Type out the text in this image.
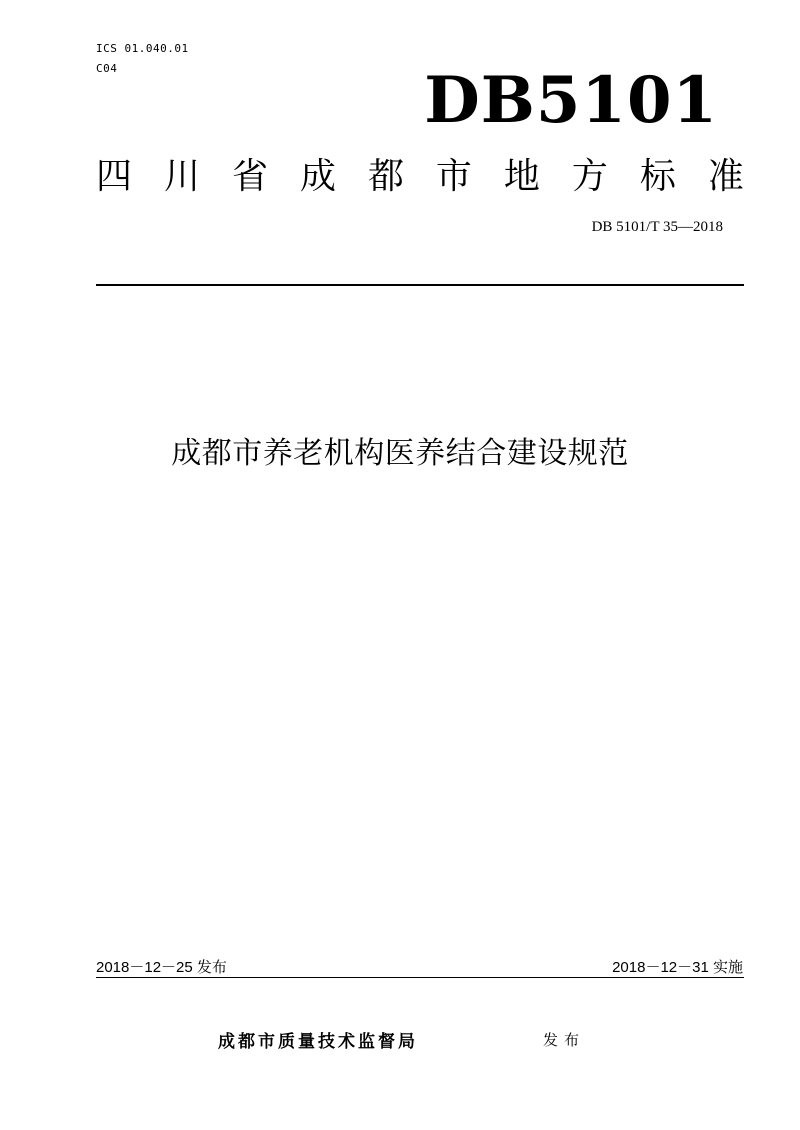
ICS 01.040.01
C04	DB5101
四 川 省 成 都 市 地 方 标 准
DB 5101/T 35—2018
成都市养老机构医养结合建设规范
2018－12－25 发布	2018－12－31 实施
成都市质量技术监督局	发布
